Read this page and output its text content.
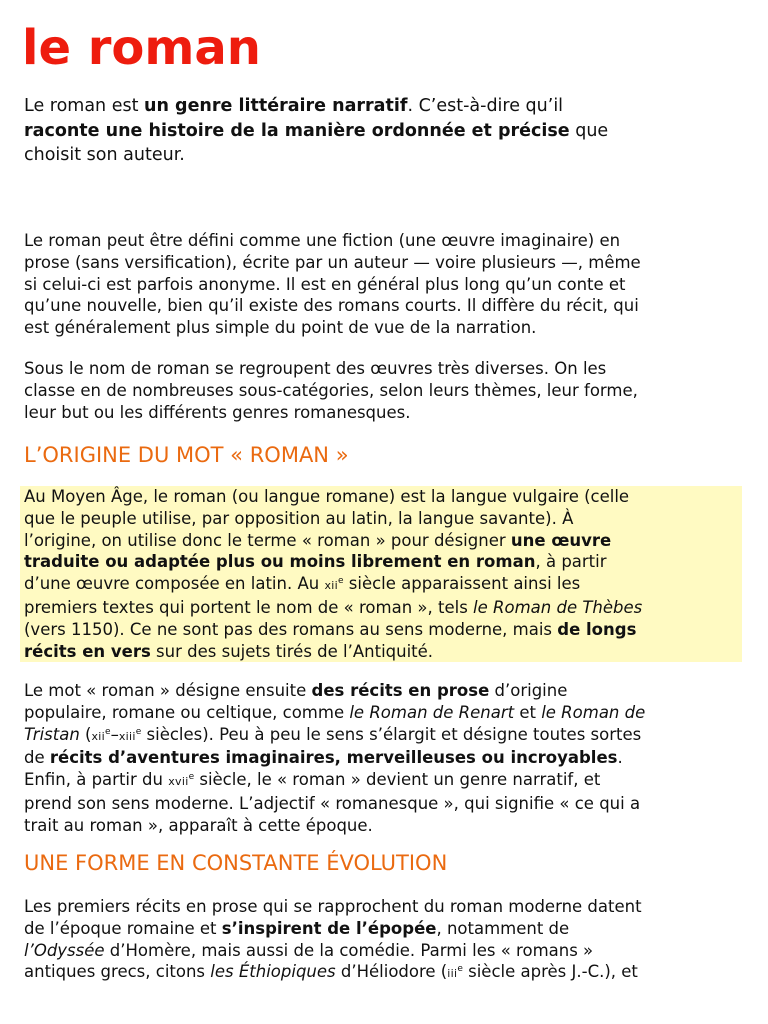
le roman

Le roman est un genre littéraire narratif. C’est-à-dire qu’il
raconte une histoire de la manière ordonnée et précise que
choisit son auteur.

Le roman peut être défini comme une fiction (une œuvre imaginaire) en
prose (sans versification), écrite par un auteur — voire plusieurs —, même
si celui-ci est parfois anonyme. Il est en général plus long qu’un conte et
qu’une nouvelle, bien qu’il existe des romans courts. Il diffère du récit, qui
est généralement plus simple du point de vue de la narration.

Sous le nom de roman se regroupent des œuvres très diverses. On les
classe en de nombreuses sous-catégories, selon leurs thèmes, leur forme,
leur but ou les différents genres romanesques.

L’ORIGINE DU MOT « ROMAN »

Au Moyen Âge, le roman (ou langue romane) est la langue vulgaire (celle
que le peuple utilise, par opposition au latin, la langue savante). À
l’origine, on utilise donc le terme « roman » pour désigner une œuvre
traduite ou adaptée plus ou moins librement en roman, à partir
d’une œuvre composée en latin. Au xii$^e$ siècle apparaissent ainsi les
premiers textes qui portent le nom de « roman », tels le Roman de Thèbes
(vers 1150). Ce ne sont pas des romans au sens moderne, mais de longs
récits en vers sur des sujets tirés de l’Antiquité.

Le mot « roman » désigne ensuite des récits en prose d’origine
populaire, romane ou celtique, comme le Roman de Renart et le Roman de
Tristan (xii$^e$–xiii$^e$ siècles). Peu à peu le sens s’élargit et désigne toutes sortes
de récits d’aventures imaginaires, merveilleuses ou incroyables.
Enfin, à partir du xvii$^e$ siècle, le « roman » devient un genre narratif, et
prend son sens moderne. L’adjectif « romanesque », qui signifie « ce qui a
trait au roman », apparaît à cette époque.

UNE FORME EN CONSTANTE ÉVOLUTION

Les premiers récits en prose qui se rapprochent du roman moderne datent
de l’époque romaine et s’inspirent de l’épopée, notamment de
l’Odyssée d’Homère, mais aussi de la comédie. Parmi les « romans »
antiques grecs, citons les Éthiopiques d’Héliodore (iii$^e$ siècle après J.-C.), et
